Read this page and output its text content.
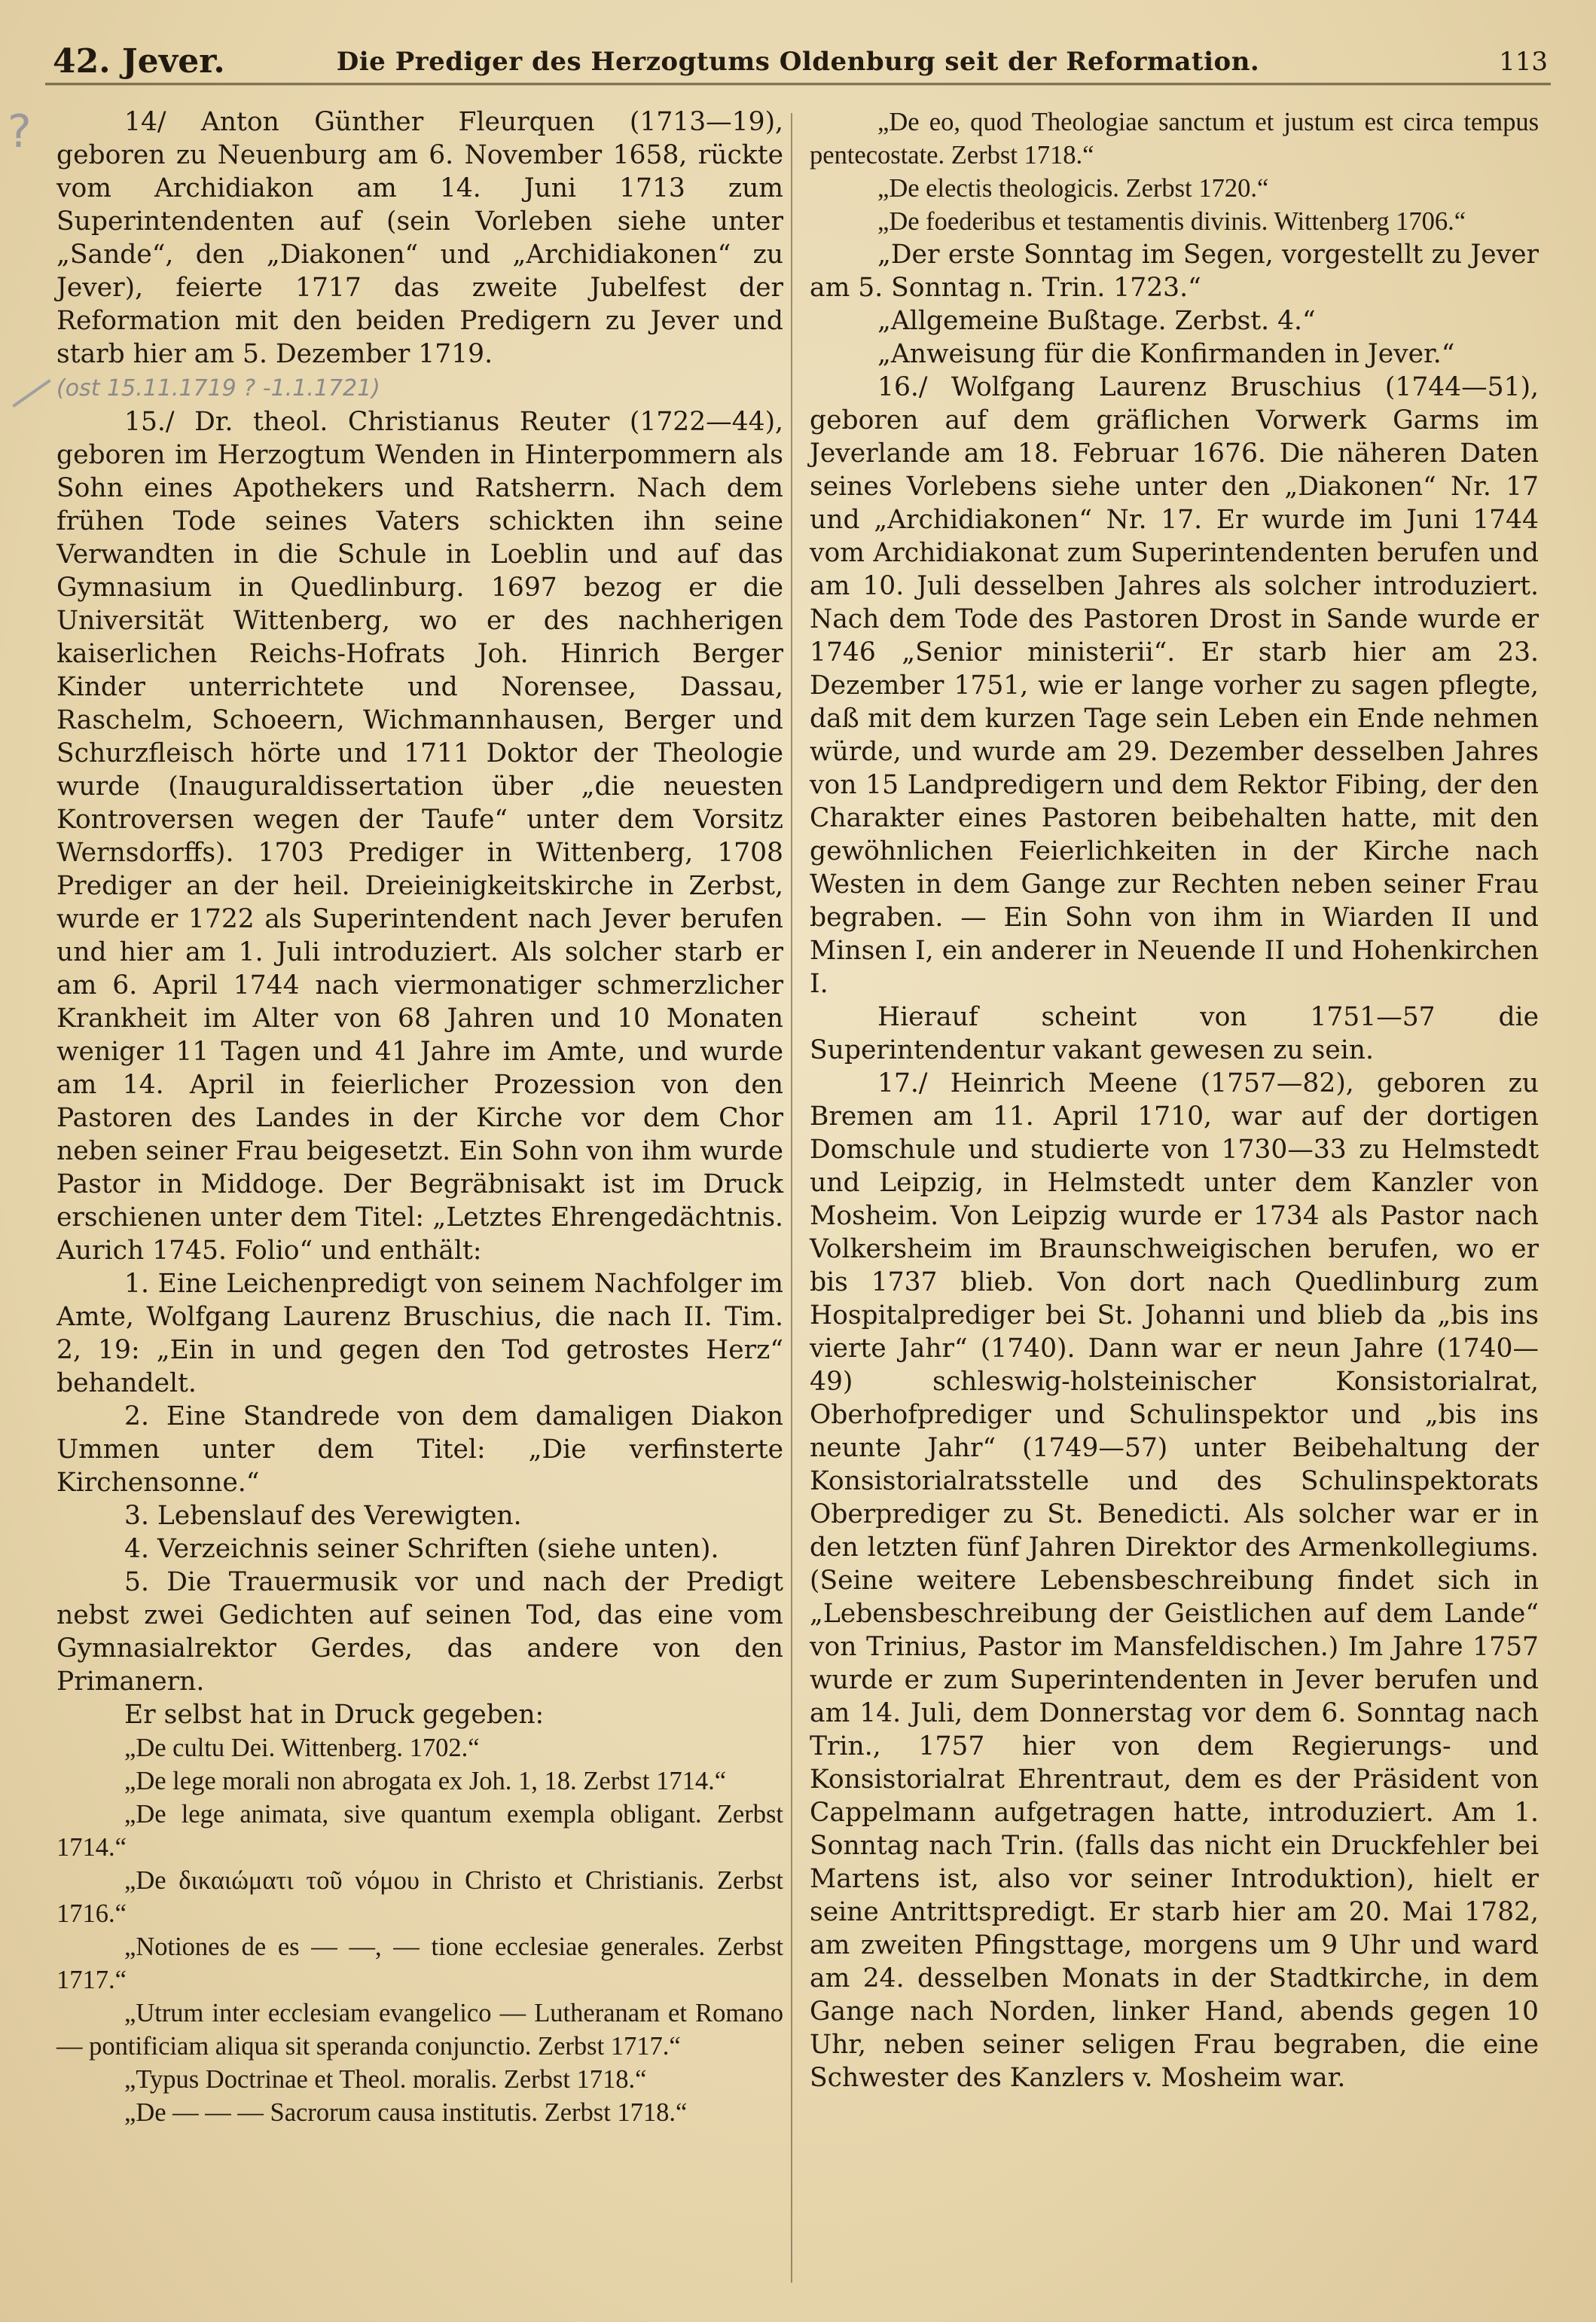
?
42. Jever.	Die Prediger des Herzogtums Oldenburg seit der Reformation.	113

14/ Anton Günther Fleurquen (1713—19), geboren zu Neuenburg am 6. November 1658, rückte vom Archidiakon am 14. Juni 1713 zum Superintendenten auf (sein Vorleben siehe unter „Sande“, den „Diakonen“ und „Archidiakonen“ zu Jever), feierte 1717 das zweite Jubelfest der Reformation mit den beiden Predigern zu Jever und starb hier am 5. Dezember 1719.

(ost 15.11.1719 ? -1.1.1721)

15./ Dr. theol. Christianus Reuter (1722—44), geboren im Herzogtum Wenden in Hinterpommern als Sohn eines Apothekers und Ratsherrn. Nach dem frühen Tode seines Vaters schickten ihn seine Verwandten in die Schule in Loeblin und auf das Gymnasium in Quedlinburg. 1697 bezog er die Universität Wittenberg, wo er des nachherigen kaiserlichen Reichs-Hofrats Joh. Hinrich Berger Kinder unterrichtete und Norensee, Dassau, Raschelm, Schoeern, Wichmannhausen, Berger und Schurzfleisch hörte und 1711 Doktor der Theologie wurde (Inauguraldissertation über „die neuesten Kontroversen wegen der Taufe“ unter dem Vorsitz Wernsdorffs). 1703 Prediger in Wittenberg, 1708 Prediger an der heil. Dreieinigkeitskirche in Zerbst, wurde er 1722 als Superintendent nach Jever berufen und hier am 1. Juli introduziert. Als solcher starb er am 6. April 1744 nach viermonatiger schmerzlicher Krankheit im Alter von 68 Jahren und 10 Monaten weniger 11 Tagen und 41 Jahre im Amte, und wurde am 14. April in feierlicher Prozession von den Pastoren des Landes in der Kirche vor dem Chor neben seiner Frau beigesetzt. Ein Sohn von ihm wurde Pastor in Middoge. Der Begräbnisakt ist im Druck erschienen unter dem Titel: „Letztes Ehrengedächtnis. Aurich 1745. Folio“ und enthält:

1. Eine Leichenpredigt von seinem Nachfolger im Amte, Wolfgang Laurenz Bruschius, die nach II. Tim. 2, 19: „Ein in und gegen den Tod getrostes Herz“ behandelt.

2. Eine Standrede von dem damaligen Diakon Ummen unter dem Titel: „Die verfinsterte Kirchensonne.“

3. Lebenslauf des Verewigten.

4. Verzeichnis seiner Schriften (siehe unten).

5. Die Trauermusik vor und nach der Predigt nebst zwei Gedichten auf seinen Tod, das eine vom Gymnasialrektor Gerdes, das andere von den Primanern.

Er selbst hat in Druck gegeben:

„De cultu Dei. Wittenberg. 1702.“

„De lege morali non abrogata ex Joh. 1, 18. Zerbst 1714.“

„De lege animata, sive quantum exempla obligant. Zerbst 1714.“

„De δικαιώματι τοῦ νόμου in Christo et Christianis. Zerbst 1716.“

„Notiones de es — —, — tione ecclesiae generales. Zerbst 1717.“

„Utrum inter ecclesiam evangelico — Lutheranam et Romano — pontificiam aliqua sit speranda conjunctio. Zerbst 1717.“

„Typus Doctrinae et Theol. moralis. Zerbst 1718.“

„De — — — Sacrorum causa institutis. Zerbst 1718.“

„De eo, quod Theologiae sanctum et justum est circa tempus pentecostate. Zerbst 1718.“

„De electis theologicis. Zerbst 1720.“

„De foederibus et testamentis divinis. Wittenberg 1706.“

„Der erste Sonntag im Segen, vorgestellt zu Jever am 5. Sonntag n. Trin. 1723.“

„Allgemeine Bußtage. Zerbst. 4.“

„Anweisung für die Konfirmanden in Jever.“

16./ Wolfgang Laurenz Bruschius (1744—51), geboren auf dem gräflichen Vorwerk Garms im Jeverlande am 18. Februar 1676. Die näheren Daten seines Vorlebens siehe unter den „Diakonen“ Nr. 17 und „Archidiakonen“ Nr. 17. Er wurde im Juni 1744 vom Archidiakonat zum Superintendenten berufen und am 10. Juli desselben Jahres als solcher introduziert. Nach dem Tode des Pastoren Drost in Sande wurde er 1746 „Senior ministerii“. Er starb hier am 23. Dezember 1751, wie er lange vorher zu sagen pflegte, daß mit dem kurzen Tage sein Leben ein Ende nehmen würde, und wurde am 29. Dezember desselben Jahres von 15 Landpredigern und dem Rektor Fibing, der den Charakter eines Pastoren beibehalten hatte, mit den gewöhnlichen Feierlichkeiten in der Kirche nach Westen in dem Gange zur Rechten neben seiner Frau begraben. — Ein Sohn von ihm in Wiarden II und Minsen I, ein anderer in Neuende II und Hohenkirchen I.

Hierauf scheint von 1751—57 die Superintendentur vakant gewesen zu sein.

17./ Heinrich Meene (1757—82), geboren zu Bremen am 11. April 1710, war auf der dortigen Domschule und studierte von 1730—33 zu Helmstedt und Leipzig, in Helmstedt unter dem Kanzler von Mosheim. Von Leipzig wurde er 1734 als Pastor nach Volkersheim im Braunschweigischen berufen, wo er bis 1737 blieb. Von dort nach Quedlinburg zum Hospitalprediger bei St. Johanni und blieb da „bis ins vierte Jahr“ (1740). Dann war er neun Jahre (1740—49) schleswig-holsteinischer Konsistorialrat, Oberhofprediger und Schulinspektor und „bis ins neunte Jahr“ (1749—57) unter Beibehaltung der Konsistorialratsstelle und des Schulinspektorats Oberprediger zu St. Benedicti. Als solcher war er in den letzten fünf Jahren Direktor des Armenkollegiums. (Seine weitere Lebensbeschreibung findet sich in „Lebensbeschreibung der Geistlichen auf dem Lande“ von Trinius, Pastor im Mansfeldischen.) Im Jahre 1757 wurde er zum Superintendenten in Jever berufen und am 14. Juli, dem Donnerstag vor dem 6. Sonntag nach Trin., 1757 hier von dem Regierungs- und Konsistorialrat Ehrentraut, dem es der Präsident von Cappelmann aufgetragen hatte, introduziert. Am 1. Sonntag nach Trin. (falls das nicht ein Druckfehler bei Martens ist, also vor seiner Introduktion), hielt er seine Antrittspredigt. Er starb hier am 20. Mai 1782, am zweiten Pfingsttage, morgens um 9 Uhr und ward am 24. desselben Monats in der Stadtkirche, in dem Gange nach Norden, linker Hand, abends gegen 10 Uhr, neben seiner seligen Frau begraben, die eine Schwester des Kanzlers v. Mosheim war.
